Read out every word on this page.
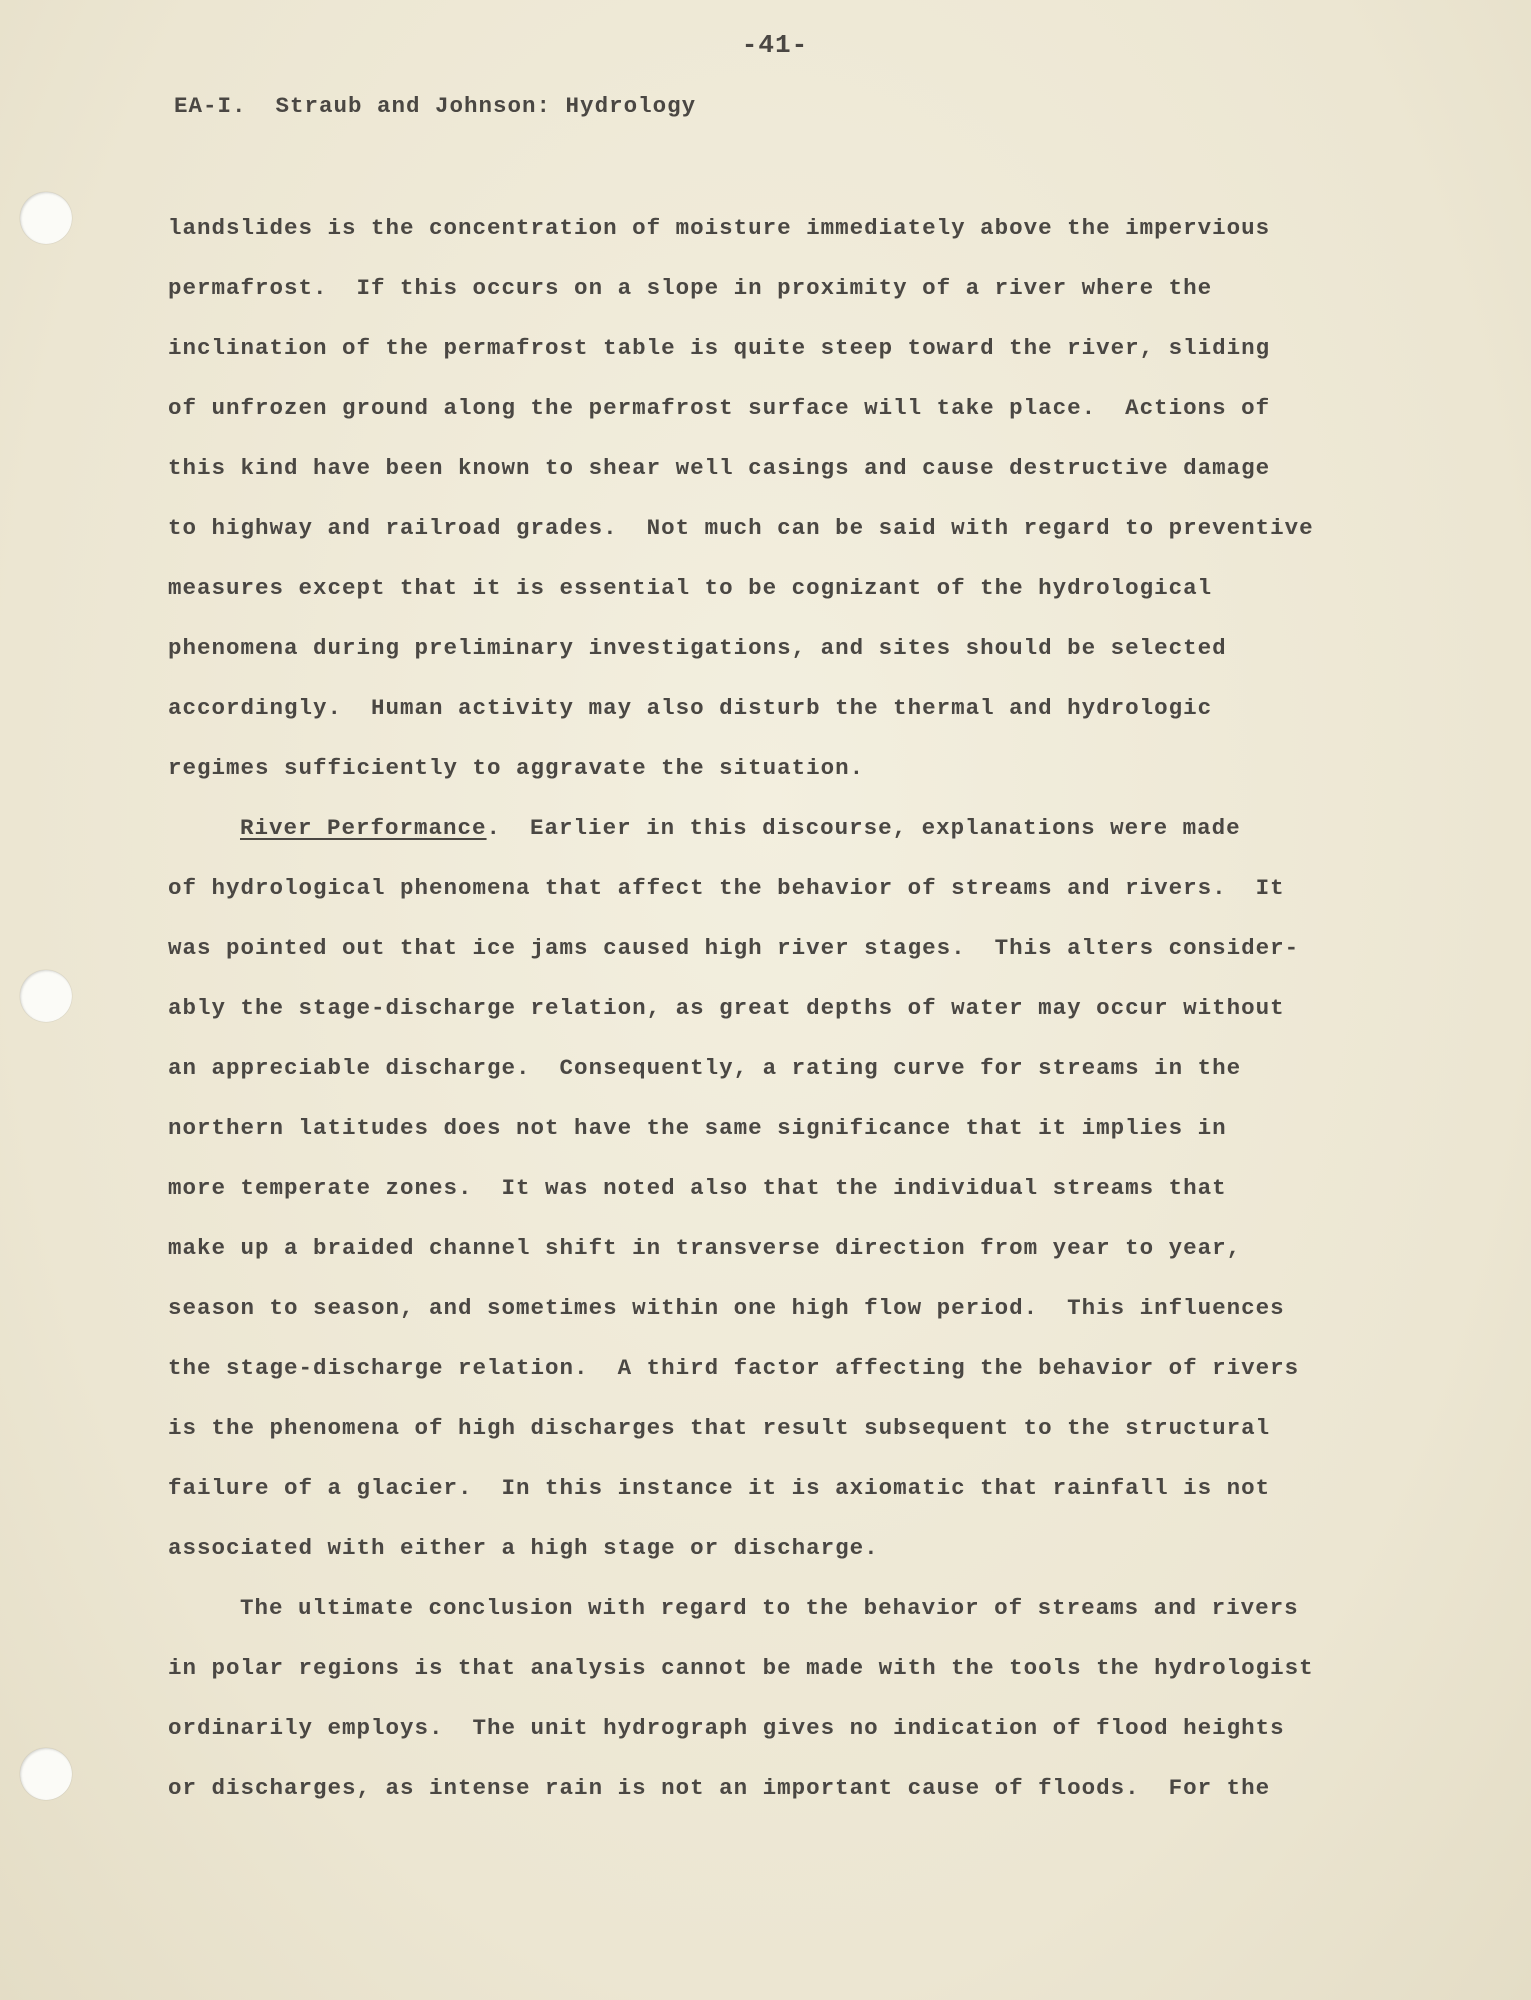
-41-
EA-I.  Straub and Johnson: Hydrology
landslides is the concentration of moisture immediately above the impervious
permafrost.  If this occurs on a slope in proximity of a river where the
inclination of the permafrost table is quite steep toward the river, sliding
of unfrozen ground along the permafrost surface will take place.  Actions of
this kind have been known to shear well casings and cause destructive damage
to highway and railroad grades.  Not much can be said with regard to preventive
measures except that it is essential to be cognizant of the hydrological
phenomena during preliminary investigations, and sites should be selected
accordingly.  Human activity may also disturb the thermal and hydrologic
regimes sufficiently to aggravate the situation.
River Performance.  Earlier in this discourse, explanations were made
of hydrological phenomena that affect the behavior of streams and rivers.  It
was pointed out that ice jams caused high river stages.  This alters consider-
ably the stage-discharge relation, as great depths of water may occur without
an appreciable discharge.  Consequently, a rating curve for streams in the
northern latitudes does not have the same significance that it implies in
more temperate zones.  It was noted also that the individual streams that
make up a braided channel shift in transverse direction from year to year,
season to season, and sometimes within one high flow period.  This influences
the stage-discharge relation.  A third factor affecting the behavior of rivers
is the phenomena of high discharges that result subsequent to the structural
failure of a glacier.  In this instance it is axiomatic that rainfall is not
associated with either a high stage or discharge.
The ultimate conclusion with regard to the behavior of streams and rivers
in polar regions is that analysis cannot be made with the tools the hydrologist
ordinarily employs.  The unit hydrograph gives no indication of flood heights
or discharges, as intense rain is not an important cause of floods.  For the
